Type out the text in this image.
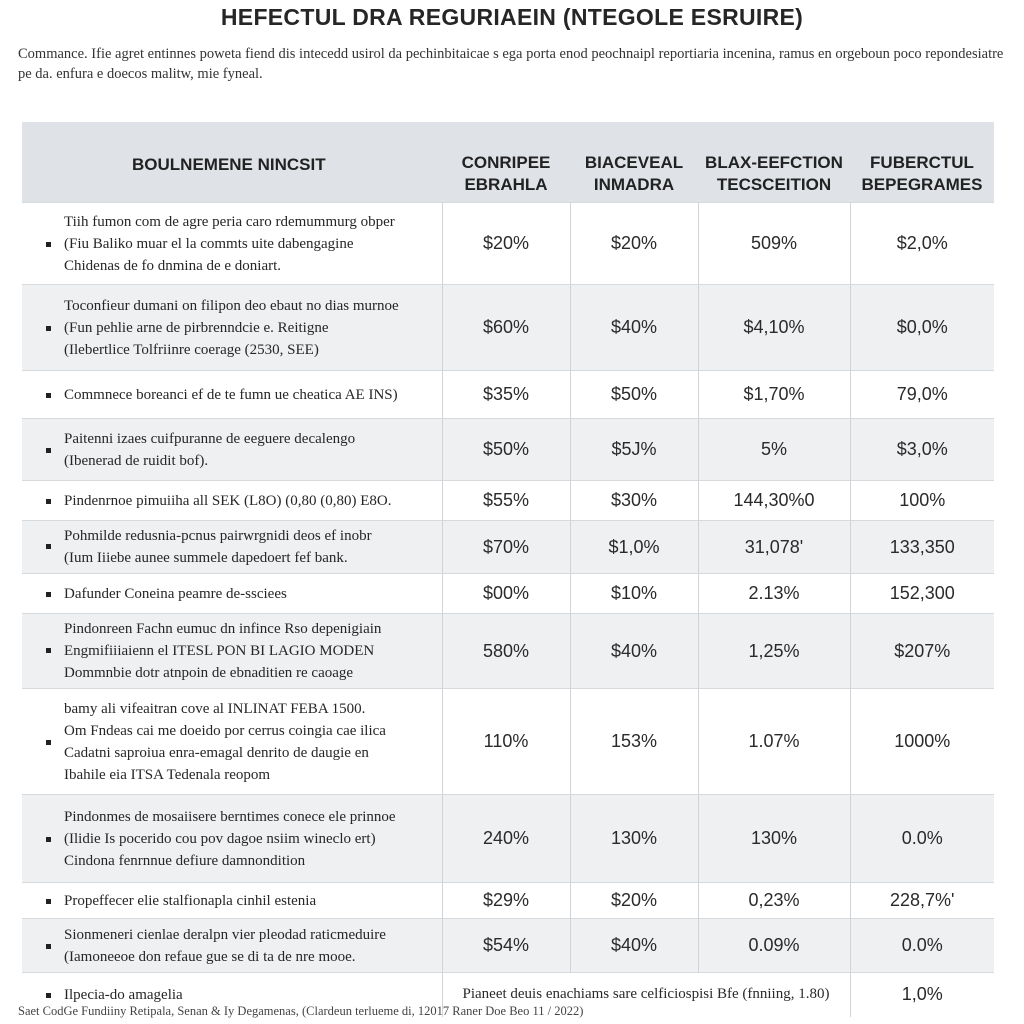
HEFECTUL DRA REGURIAEIN (NTEGOLE ESRUIRE)
Commance. Ifie agret entinnes poweta fiend dis intecedd usirol da pechinbitaicae s ega porta enod peochnaipl reportiaria incenina, ramus en orgeboun poco repondesiatre pe da. enfura e doecos malitw, mie fyneal.
BOULNEMENE NINCSIT	CONRIPEE EBRAHLA	BIACEVEAL INMADRA	BLAX-EEFCTION TECSCEITION	FUBERCTUL BEPEGRAMES

Tiih fumon com de agre peria caro rdemummurg obper
(Fiu Baliko muar el la commts uite dabengagine
Chidenas de fo dnmina de e doniart.	$20%	$20%	509%	$2,0%

Toconfieur dumani on filipon deo ebaut no dias murnoe
(Fun pehlie arne de pirbrenndcie e. Reitigne
(Ilebertlice Tolfriinre coerage (2530, SEE)	$60%	$40%	$4,10%	$0,0%

Commnece boreanci ef de te fumn ue cheatica AE INS)	$35%	$50%	$1,70%	79,0%

Paitenni izaes cuifpuranne de eeguere decalengo
(Ibenerad de ruidit bof).	$50%	$5J%	5%	$3,0%

Pindenrnoe pimuiiha all SEK (L8O) (0,80 (0,80) E8O.	$55%	$30%	144,30%0	100%

Pohmilde redusnia-pcnus pairwrgnidi deos ef inobr
(Ium Iiiebe aunee summele dapedoert fef bank.	$70%	$1,0%	31,078'	133,350

Dafunder Coneina peamre de-ssciees	$00%	$10%	2.13%	152,300

Pindonreen Fachn eumuc dn infince Rso depenigiain
Engmifiiiaienn el ITESL PON BI LAGIO MODEN
Dommnbie dotr atnpoin de ebnaditien re caoage	580%	$40%	1,25%	$207%

bamy ali vifeaitran cove al INLINAT FEBA 1500.
Om Fndeas cai me doeido por cerrus coingia cae ilica
Cadatni saproiua enra-emagal denrito de daugie en
Ibahile eia ITSA Tedenala reopom	110%	153%	1.07%	1000%

Pindonmes de mosaiisere berntimes conece ele prinnoe
(Ilidie Is pocerido cou pov dagoe nsiim wineclo ert)
Cindona fenrnnue defiure damnondition	240%	130%	130%	0.0%

Propeffecer elie stalfionapla cinhil estenia	$29%	$20%	0,23%	228,7%'

Sionmeneri cienlae deralpn vier pleodad raticmeduire
(Iamoneeoe don refaue gue se di ta de nre mooe.	$54%	$40%	0.09%	0.0%

Ilpecia-do amagelia	Pianeet deuis enachiams sare celficiospisi Bfe (fnniing, 1.80)			1,0%
Saet CodGe Fundiiny Retipala, Senan & Iy Degamenas, (Clardeun terlueme di, 12017 Raner Doe Beo 11 / 2022)
